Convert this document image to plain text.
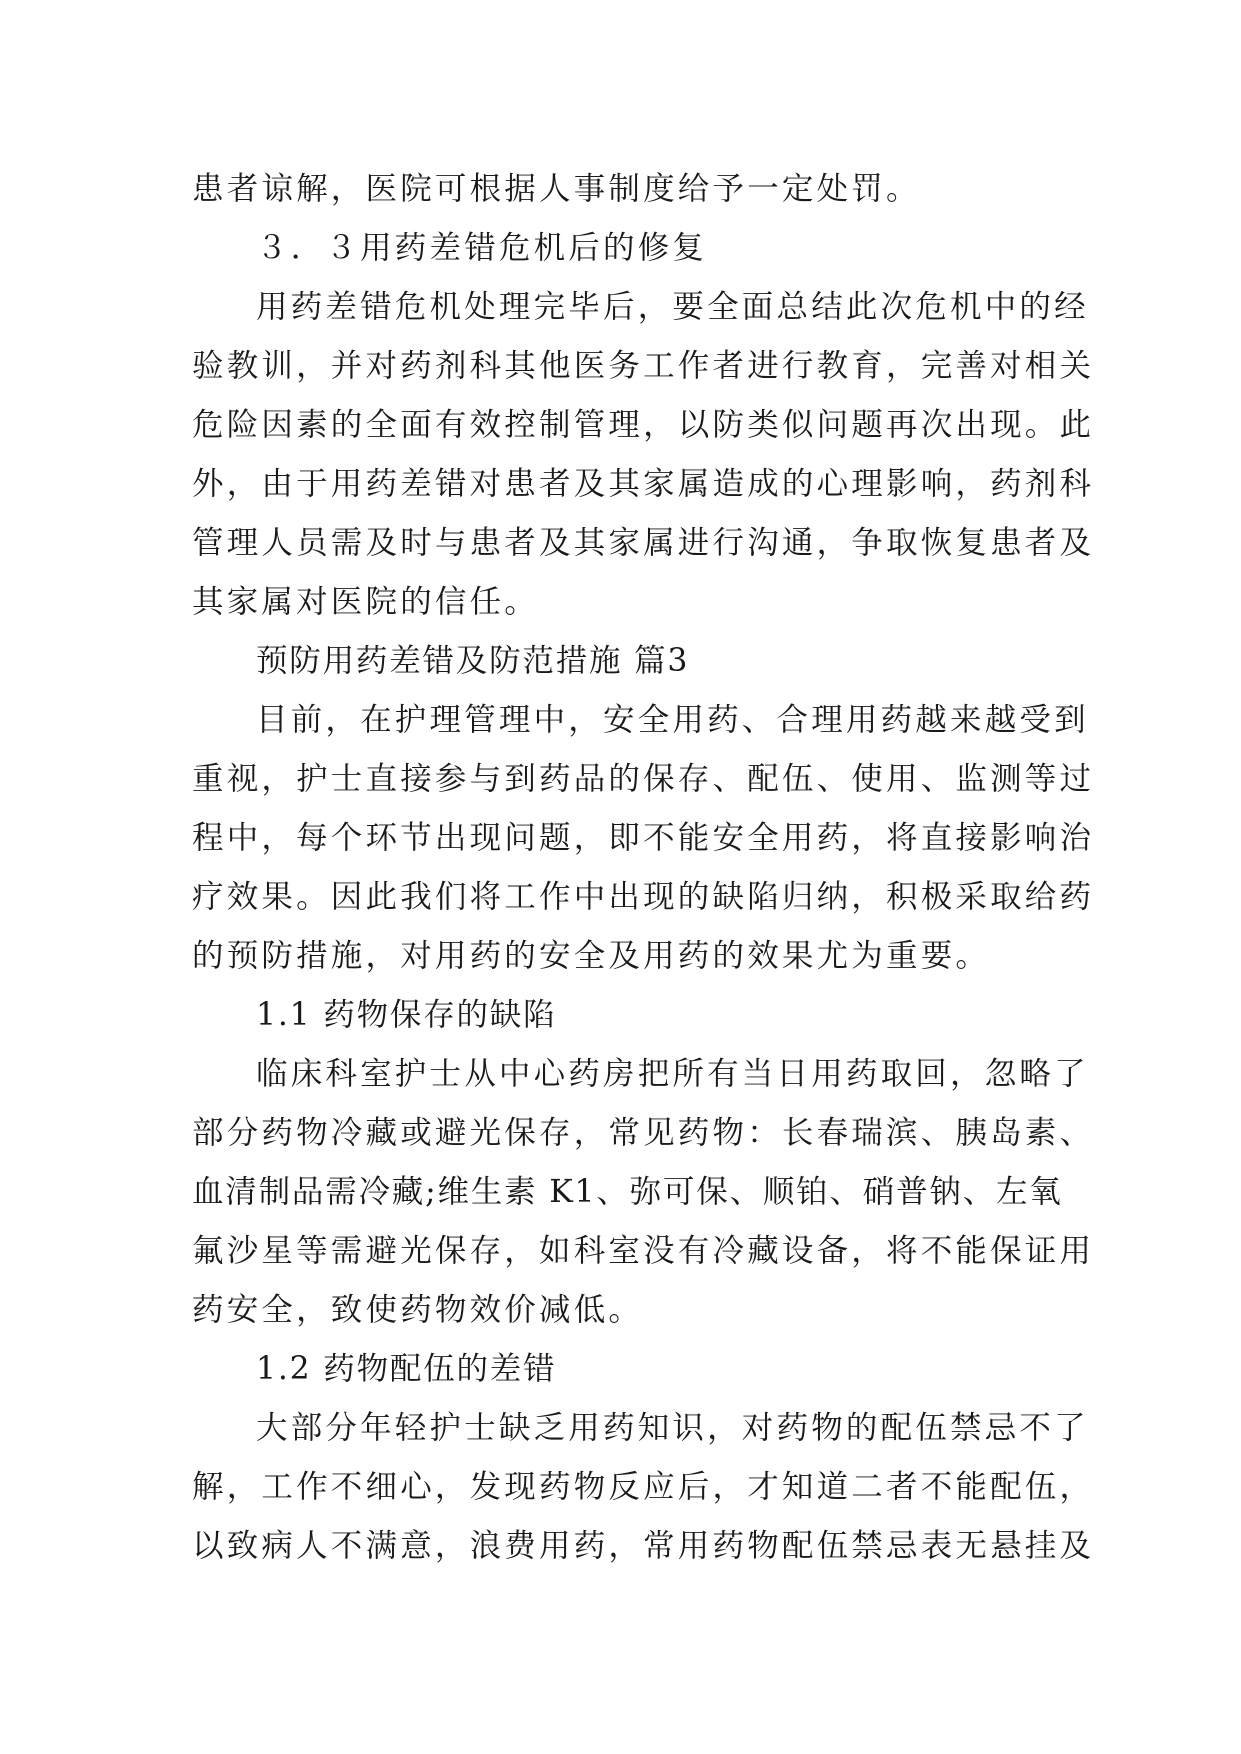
患者谅解，医院可根据人事制度给予一定处罚。
３．３用药差错危机后的修复
用药差错危机处理完毕后，要全面总结此次危机中的经
验教训，并对药剂科其他医务工作者进行教育，完善对相关
危险因素的全面有效控制管理，以防类似问题再次出现。此
外，由于用药差错对患者及其家属造成的心理影响，药剂科
管理人员需及时与患者及其家属进行沟通，争取恢复患者及
其家属对医院的信任。
预防用药差错及防范措施 篇3
目前，在护理管理中，安全用药、合理用药越来越受到
重视，护士直接参与到药品的保存、配伍、使用、监测等过
程中，每个环节出现问题，即不能安全用药，将直接影响治
疗效果。因此我们将工作中出现的缺陷归纳，积极采取给药
的预防措施，对用药的安全及用药的效果尤为重要。
1.1 药物保存的缺陷
临床科室护士从中心药房把所有当日用药取回，忽略了
部分药物冷藏或避光保存，常见药物：长春瑞滨、胰岛素、
血清制品需冷藏;维生素 K1、弥可保、顺铂、硝普钠、左氧
氟沙星等需避光保存，如科室没有冷藏设备，将不能保证用
药安全，致使药物效价减低。
1.2 药物配伍的差错
大部分年轻护士缺乏用药知识，对药物的配伍禁忌不了
解，工作不细心，发现药物反应后，才知道二者不能配伍，
以致病人不满意，浪费用药，常用药物配伍禁忌表无悬挂及
